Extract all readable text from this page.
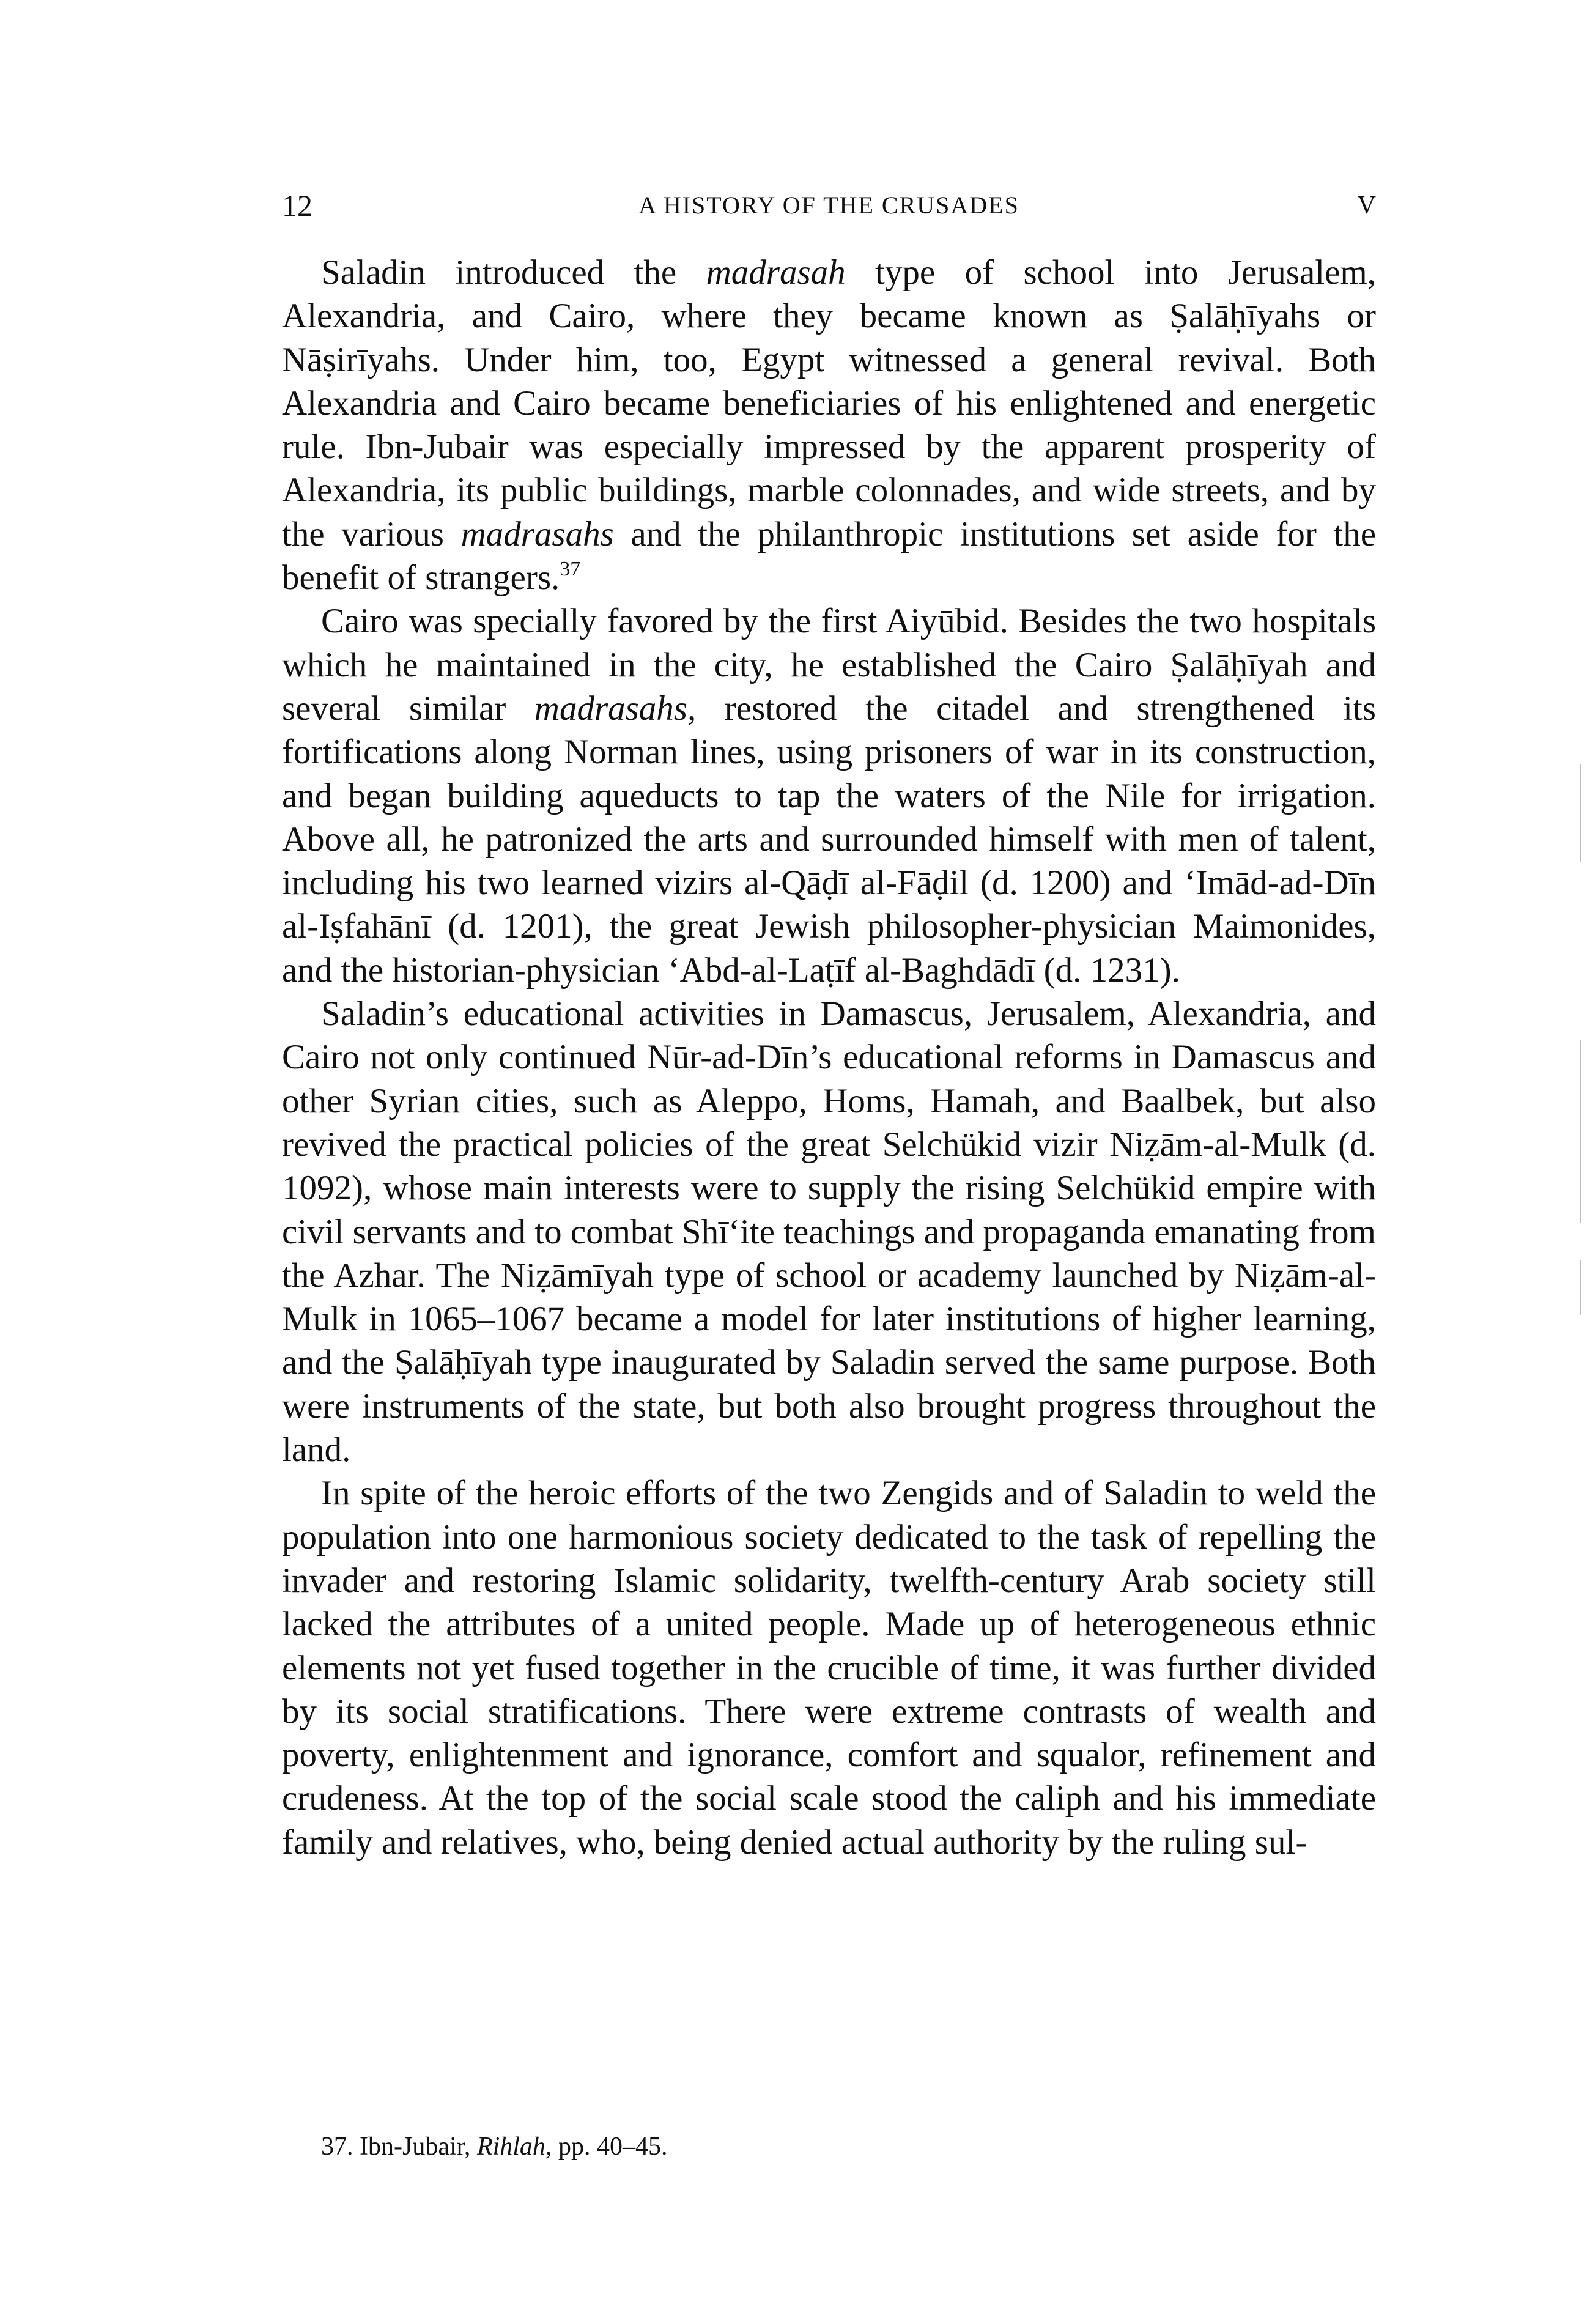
12	A HISTORY OF THE CRUSADES	V

Saladin introduced the madrasah type of school into Jerusalem, Alexandria, and Cairo, where they became known as Ṣalāḥīyahs or Nāṣirīyahs. Under him, too, Egypt witnessed a general revival. Both Alexandria and Cairo became beneficiaries of his enlightened and energetic rule. Ibn-Jubair was especially impressed by the apparent prosperity of Alexandria, its public buildings, marble colonnades, and wide streets, and by the various madrasahs and the philanthropic institutions set aside for the benefit of strangers.$^{37}$

Cairo was specially favored by the first Aiyūbid. Besides the two hospitals which he maintained in the city, he established the Cairo Ṣalāḥīyah and several similar madrasahs, restored the citadel and strengthened its fortifications along Norman lines, using prisoners of war in its construction, and began building aqueducts to tap the waters of the Nile for irrigation. Above all, he patronized the arts and surrounded himself with men of talent, including his two learned vizirs al-Qāḍī al-Fāḍil (d. 1200) and ‘Imād-ad-Dīn al-Iṣfahānī (d. 1201), the great Jewish philosopher-physician Maimonides, and the historian-physician ‘Abd-al-Laṭīf al-Baghdādī (d. 1231).

Saladin’s educational activities in Damascus, Jerusalem, Alexandria, and Cairo not only continued Nūr-ad-Dīn’s educational reforms in Damascus and other Syrian cities, such as Aleppo, Homs, Hamah, and Baalbek, but also revived the practical policies of the great Selchükid vizir Niẓām-al-Mulk (d. 1092), whose main interests were to supply the rising Selchükid empire with civil servants and to combat Shī‘ite teachings and propaganda emanating from the Azhar. The Niẓāmīyah type of school or academy launched by Niẓām-al-Mulk in 1065–1067 became a model for later institutions of higher learning, and the Ṣalāḥīyah type inaugurated by Saladin served the same purpose. Both were instruments of the state, but both also brought progress throughout the land.

In spite of the heroic efforts of the two Zengids and of Saladin to weld the population into one harmonious society dedicated to the task of repelling the invader and restoring Islamic solidarity, twelfth-century Arab society still lacked the attributes of a united people. Made up of heterogeneous ethnic elements not yet fused together in the crucible of time, it was further divided by its social stratifications. There were extreme contrasts of wealth and poverty, enlightenment and ignorance, comfort and squalor, refinement and crudeness. At the top of the social scale stood the caliph and his immediate family and relatives, who, being denied actual authority by the ruling sul-

37. Ibn-Jubair, Rihlah, pp. 40–45.
